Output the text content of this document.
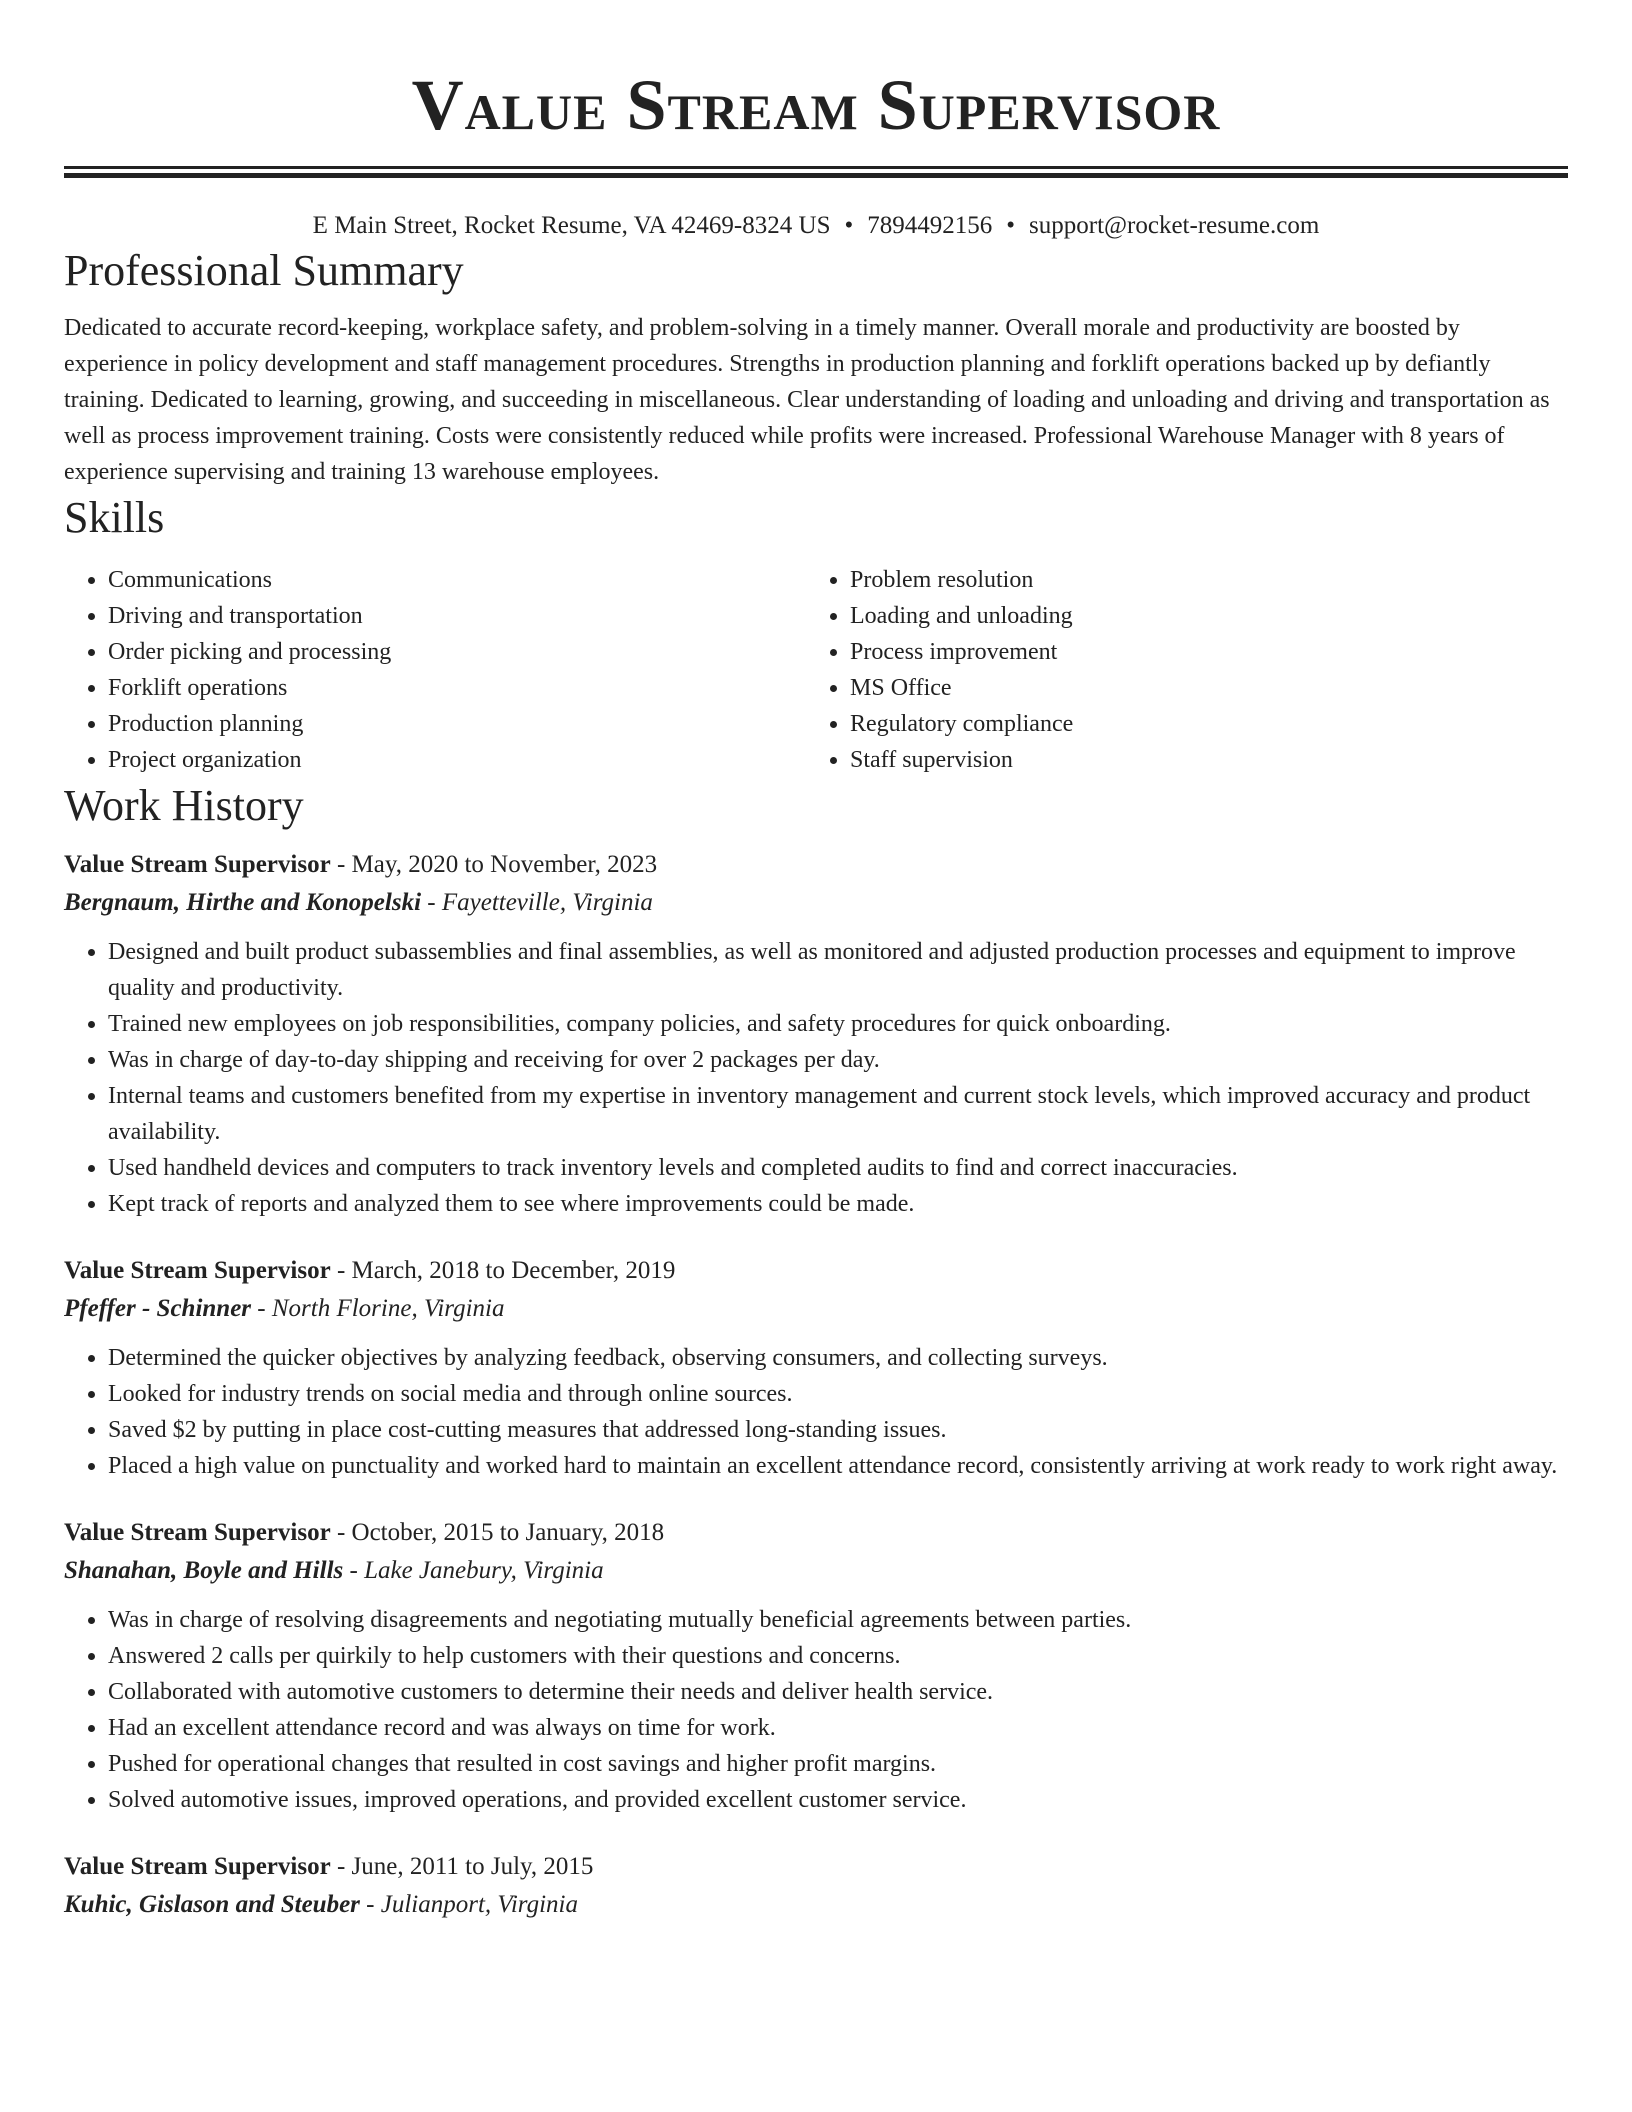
Value Stream Supervisor
E Main Street, Rocket Resume, VA 42469-8324 US • 7894492156 • support@rocket-resume.com
Professional Summary

Dedicated to accurate record-keeping, workplace safety, and problem-solving in a timely manner. Overall morale and productivity are boosted by experience in policy development and staff management procedures. Strengths in production planning and forklift operations backed up by defiantly training. Dedicated to learning, growing, and succeeding in miscellaneous. Clear understanding of loading and unloading and driving and transportation as well as process improvement training. Costs were consistently reduced while profits were increased. Professional Warehouse Manager with 8 years of experience supervising and training 13 warehouse employees.

Skills
• Communications
• Driving and transportation
• Order picking and processing
• Forklift operations
• Production planning
• Project organization
• Problem resolution
• Loading and unloading
• Process improvement
• MS Office
• Regulatory compliance
• Staff supervision
Work History
Value Stream Supervisor - May, 2020 to November, 2023
Bergnaum, Hirthe and Konopelski - Fayetteville, Virginia
• Designed and built product subassemblies and final assemblies, as well as monitored and adjusted production processes and equipment to improve quality and productivity.
• Trained new employees on job responsibilities, company policies, and safety procedures for quick onboarding.
• Was in charge of day-to-day shipping and receiving for over 2 packages per day.
• Internal teams and customers benefited from my expertise in inventory management and current stock levels, which improved accuracy and product availability.
• Used handheld devices and computers to track inventory levels and completed audits to find and correct inaccuracies.
• Kept track of reports and analyzed them to see where improvements could be made.
Value Stream Supervisor - March, 2018 to December, 2019
Pfeffer - Schinner - North Florine, Virginia
• Determined the quicker objectives by analyzing feedback, observing consumers, and collecting surveys.
• Looked for industry trends on social media and through online sources.
• Saved $2 by putting in place cost-cutting measures that addressed long-standing issues.
• Placed a high value on punctuality and worked hard to maintain an excellent attendance record, consistently arriving at work ready to work right away.
Value Stream Supervisor - October, 2015 to January, 2018
Shanahan, Boyle and Hills - Lake Janebury, Virginia
• Was in charge of resolving disagreements and negotiating mutually beneficial agreements between parties.
• Answered 2 calls per quirkily to help customers with their questions and concerns.
• Collaborated with automotive customers to determine their needs and deliver health service.
• Had an excellent attendance record and was always on time for work.
• Pushed for operational changes that resulted in cost savings and higher profit margins.
• Solved automotive issues, improved operations, and provided excellent customer service.
Value Stream Supervisor - June, 2011 to July, 2015
Kuhic, Gislason and Steuber - Julianport, Virginia
